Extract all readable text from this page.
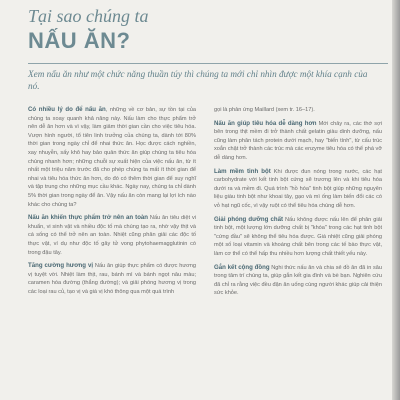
Tại sao chúng ta
NẤU ĂN?

Xem nấu ăn như một chức năng thuần túy thì chúng ta mới chỉ nhìn được một khía cạnh của nó.

Có nhiều lý do để nấu ăn, những về cơ bản, sự tồn tại của chúng ta xoay quanh khả năng này. Nấu làm cho thực phẩm trở nên dễ ăn hơn và vì vậy, làm giảm thời gian cần cho việc tiêu hóa. Vượn hình người, tổ tiên linh trưởng của chúng ta, dành tới 80% thời gian trong ngày chỉ để nhai thức ăn. Học được cách nghiền, xay nhuyễn, sấy khô hay bảo quản thức ăn giúp chúng ta tiêu hóa chúng nhanh hơn; những chuỗi sự xuất hiện của việc nấu ăn, từ ít nhất một triệu năm trước đã cho phép chúng ta mất ít thời gian để nhai và tiêu hóa thức ăn hơn, do đó có thêm thời gian để suy nghĩ và tập trung cho những mục cầu khác. Ngày nay, chúng ta chỉ dành 5% thời gian trong ngày để ăn. Vậy nấu ăn còn mang lại lợi ích nào khác cho chúng ta?

Nấu ăn khiến thực phẩm trở nên an toàn Nấu ăn tiêu diệt vi khuẩn, vi sinh vật và nhiều độc tố mà chúng tạo ra, nhờ vậy thịt và cá sống có thể trở nên an toàn. Nhiệt cũng phân giải các độc tố thực vật, ví dụ như độc tố gây tử vong phytohaemagglutinin có trong đậu tây.

Tăng cường hương vị Nấu ăn giúp thực phẩm có được hương vị tuyệt vời. Nhiệt làm thịt, rau, bánh mì và bánh ngọt nâu màu; caramen hóa đường (thắng đường); và giải phóng hương vị trong các loại rau củ, tạo vị và giá vị khó thông qua một quá trình

gọi là phản ứng Maillard (xem tr. 16–17).

Nấu ăn giúp tiêu hóa dễ dàng hơn Mới chảy ra, các thớ sợi bên trong thịt mềm đi trở thành chất gelatin giàu dinh dưỡng, nấu cũng làm phân tách protein dưới mạch, hay "biến tính", từ cấu trúc xoắn chặt trở thành các trúc mà các enzyme tiêu hóa có thể phá vỡ dễ dàng hơn.

Làm mềm tinh bột Khi được đun nóng trong nước, các hạt carbohydrate với kết tinh bột cứng sẽ trương lên và khi tiêu hóa dưới ra và mềm đi. Quá trình "hồ hóa" tinh bột giúp những nguyên liệu giàu tinh bột như khoai tây, gạo và mì ống làm biến đổi các có vỏ hạt ngũ cốc, vì vậy ruột có thể tiêu hóa chúng dễ hơn.

Giải phóng dưỡng chất Nấu không được nấu lên để phân giải tinh bột, một lượng lớn dưỡng chất bị "khóa" trong các hạt tinh bột "cứng đầu" sẽ không thể tiêu hóa được. Giá nhiệt cũng giải phóng một số loại vitamin và khoáng chất bên trong các tế bào thực vật, làm cơ thể có thể hấp thu nhiều hơn lượng chất thiết yếu này.

Gắn kết cộng đồng Nghi thức nấu ăn và chia sẻ đồ ăn đã in sâu trong tâm trí chúng ta, giúp gắn kết gia đình và bè bạn. Nghiên cứu đã chỉ ra rằng việc đều đặn ăn uống cùng người khác giúp cải thiện sức khỏe.
